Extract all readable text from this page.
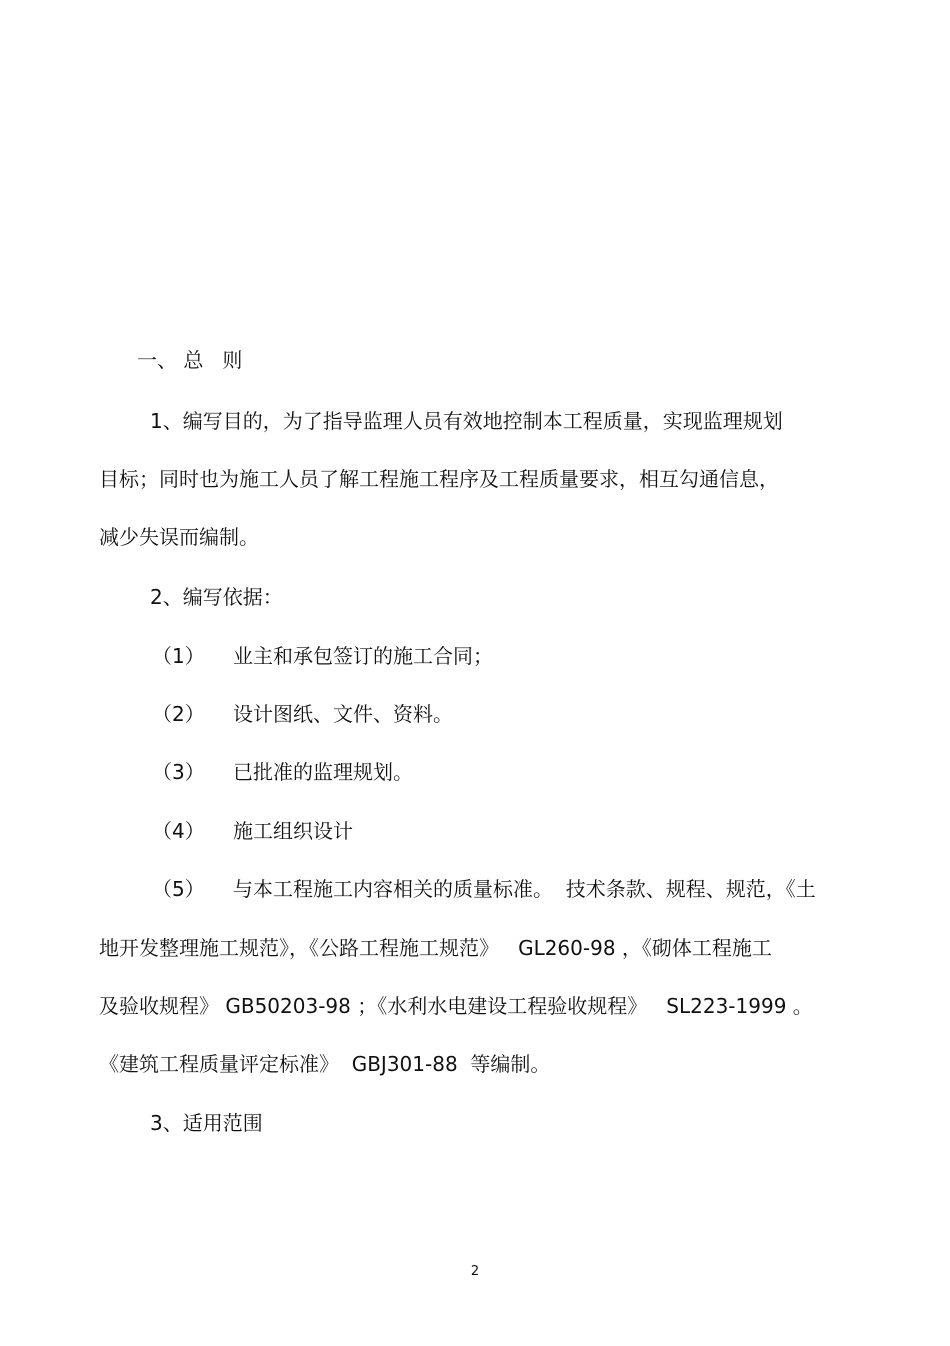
一、 总   则
1、编写目的，为了指导监理人员有效地控制本工程质量，实现监理规划
目标；同时也为施工人员了解工程施工程序及工程质量要求，相互勾通信息，
减少失误而编制。
2、编写依据：
（1） 业主和承包签订的施工合同；
（2） 设计图纸、文件、资料。
（3） 已批准的监理规划。
（4） 施工组织设计
（5） 与本工程施工内容相关的质量标准。  技术条款、规程、规范，《土
地开发整理施工规范》，《公路工程施工规范》   GL260-98 ，《砌体工程施工
及验收规程》 GB50203-98 ；《水利水电建设工程验收规程》   SL223-1999 。
《建筑工程质量评定标准》  GBJ301-88  等编制。
3、适用范围
2
